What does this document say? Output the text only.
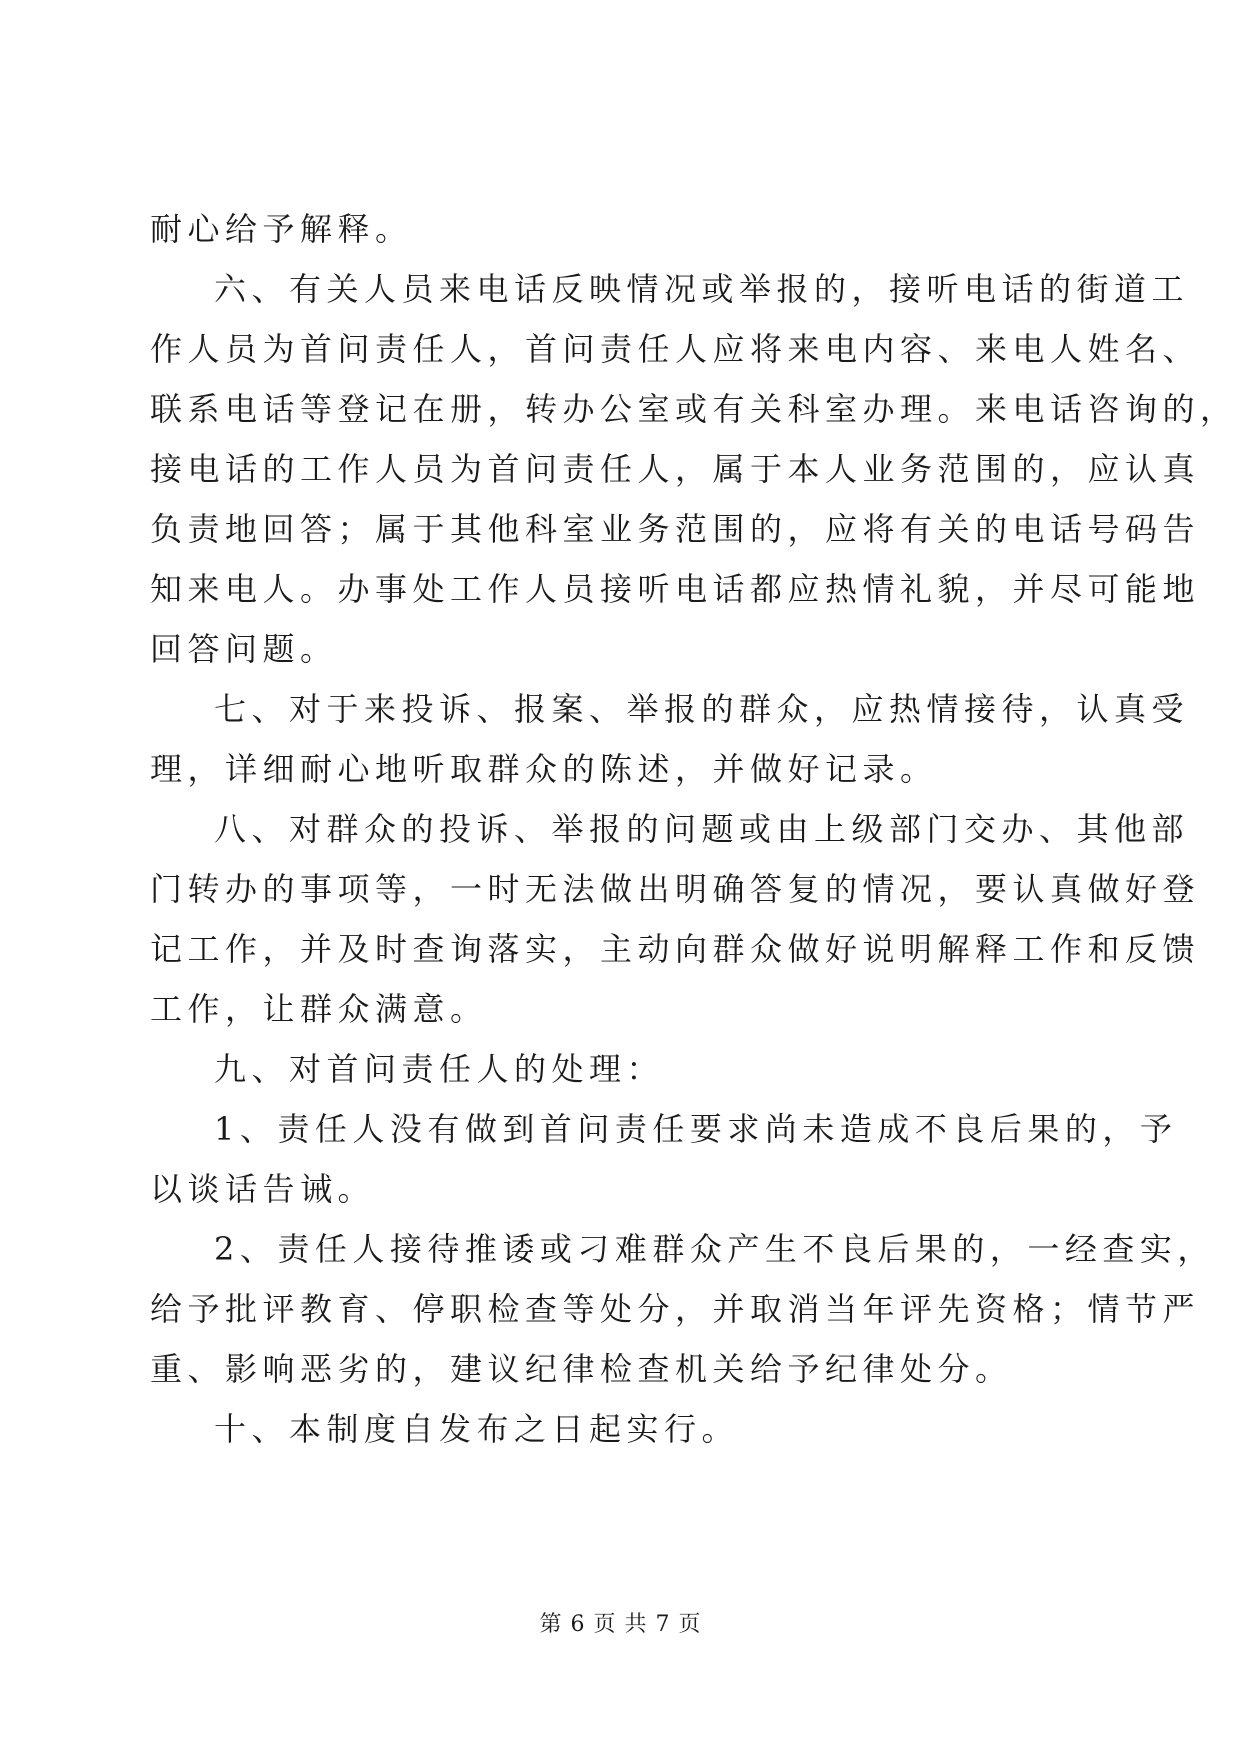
耐心给予解释。
六、有关人员来电话反映情况或举报的，接听电话的街道工
作人员为首问责任人，首问责任人应将来电内容、来电人姓名、
联系电话等登记在册，转办公室或有关科室办理。来电话咨询的，
接电话的工作人员为首问责任人，属于本人业务范围的，应认真
负责地回答；属于其他科室业务范围的，应将有关的电话号码告
知来电人。办事处工作人员接听电话都应热情礼貌，并尽可能地
回答问题。
七、对于来投诉、报案、举报的群众，应热情接待，认真受
理，详细耐心地听取群众的陈述，并做好记录。
八、对群众的投诉、举报的问题或由上级部门交办、其他部
门转办的事项等，一时无法做出明确答复的情况，要认真做好登
记工作，并及时查询落实，主动向群众做好说明解释工作和反馈
工作，让群众满意。
九、对首问责任人的处理：
1、责任人没有做到首问责任要求尚未造成不良后果的，予
以谈话告诫。
2、责任人接待推诿或刁难群众产生不良后果的，一经查实，
给予批评教育、停职检查等处分，并取消当年评先资格；情节严
重、影响恶劣的，建议纪律检查机关给予纪律处分。
十、本制度自发布之日起实行。
第 6 页 共 7 页
